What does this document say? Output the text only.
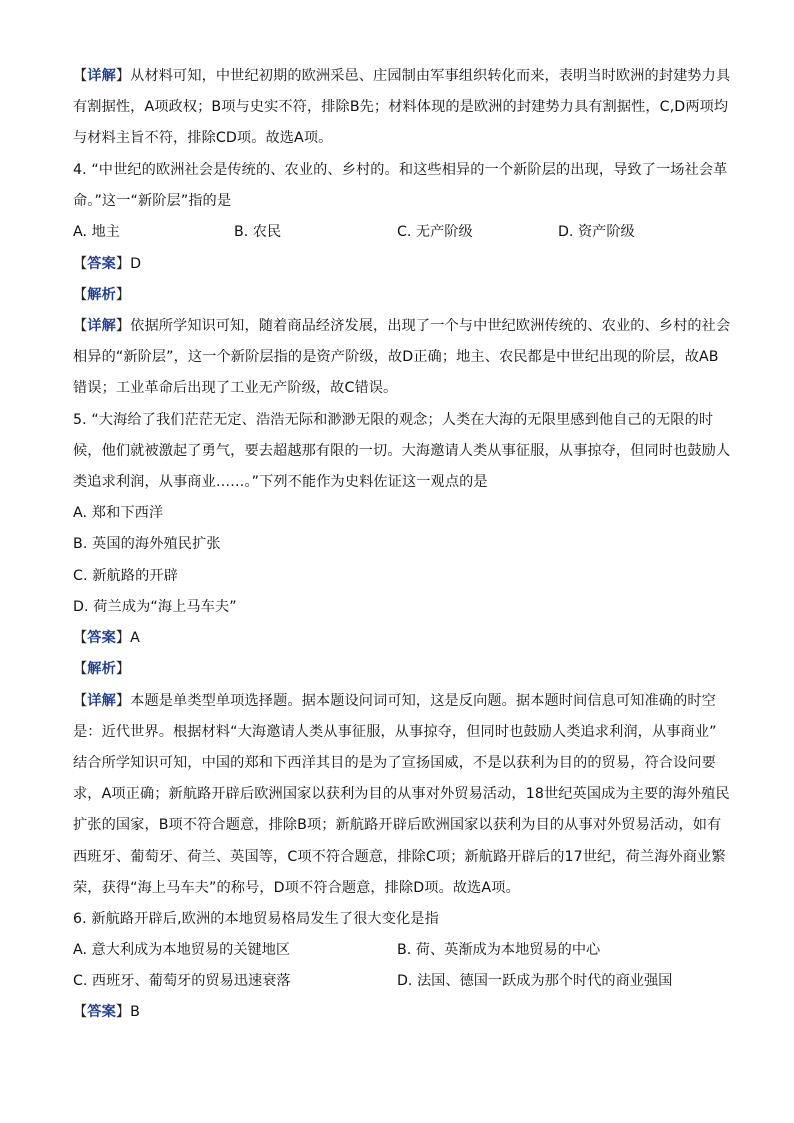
【详解】从材料可知，中世纪初期的欧洲采邑、庄园制由军事组织转化而来，表明当时欧洲的封建势力具
有割据性，A项政权；B项与史实不符，排除B先；材料体现的是欧洲的封建势力具有割据性，C,D两项均
与材料主旨不符，排除CD项。故选A项。
4. “中世纪的欧洲社会是传统的、农业的、乡村的。和这些相异的一个新阶层的出现，导致了一场社会革
命。”这一“新阶层”指的是
A. 地主	B. 农民	C. 无产阶级	D. 资产阶级
【答案】D
【解析】
【详解】依据所学知识可知，随着商品经济发展，出现了一个与中世纪欧洲传统的、农业的、乡村的社会
相异的“新阶层”，这一个新阶层指的是资产阶级，故D正确；地主、农民都是中世纪出现的阶层，故AB
错误；工业革命后出现了工业无产阶级，故C错误。
5. “大海给了我们茫茫无定、浩浩无际和渺渺无限的观念；人类在大海的无限里感到他自己的无限的时
候，他们就被激起了勇气，要去超越那有限的一切。大海邀请人类从事征服，从事掠夺，但同时也鼓励人
类追求利润，从事商业……。”下列不能作为史料佐证这一观点的是
A. 郑和下西洋
B. 英国的海外殖民扩张
C. 新航路的开辟
D. 荷兰成为“海上马车夫”
【答案】A
【解析】
【详解】本题是单类型单项选择题。据本题设问词可知，这是反向题。据本题时间信息可知准确的时空
是：近代世界。根据材料“大海邀请人类从事征服，从事掠夺，但同时也鼓励人类追求利润，从事商业”
结合所学知识可知，中国的郑和下西洋其目的是为了宣扬国威，不是以获利为目的的贸易，符合设问要
求，A项正确；新航路开辟后欧洲国家以获利为目的从事对外贸易活动，18世纪英国成为主要的海外殖民
扩张的国家，B项不符合题意，排除B项；新航路开辟后欧洲国家以获利为目的从事对外贸易活动，如有
西班牙、葡萄牙、荷兰、英国等，C项不符合题意，排除C项；新航路开辟后的17世纪，荷兰海外商业繁
荣，获得“海上马车夫”的称号，D项不符合题意，排除D项。故选A项。
6. 新航路开辟后,欧洲的本地贸易格局发生了很大变化是指
A. 意大利成为本地贸易的关键地区	B. 荷、英渐成为本地贸易的中心
C. 西班牙、葡萄牙的贸易迅速衰落	D. 法国、德国一跃成为那个时代的商业强国
【答案】B
